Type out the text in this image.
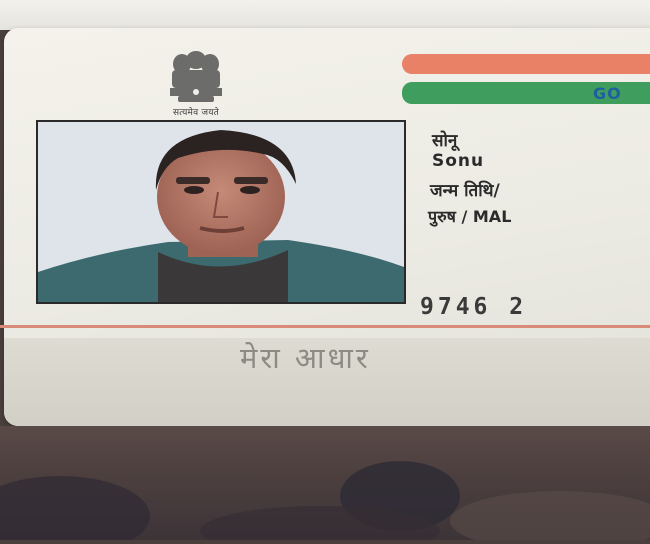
सत्यमेव जयते
GO
सोनू
Sonu
जन्म तिथि/
पुरुष / MAL
9746 2
मेरा आधार
